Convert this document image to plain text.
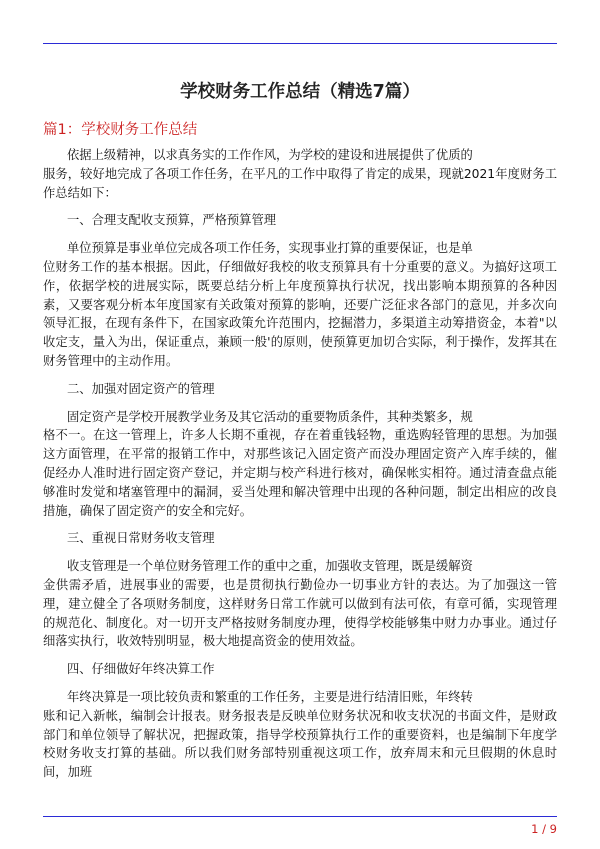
学校财务工作总结（精选7篇）
篇1：学校财务工作总结

依据上级精神，以求真务实的工作作风，为学校的建设和进展提供了优质的
服务，较好地完成了各项工作任务，在平凡的工作中取得了肯定的成果，现就2021年度财务工作总结如下：

一、合理支配收支预算，严格预算管理

单位预算是事业单位完成各项工作任务，实现事业打算的重要保证，也是单
位财务工作的基本根据。因此，仔细做好我校的收支预算具有十分重要的意义。为搞好这项工作，依据学校的进展实际，既要总结分析上年度预算执行状况，找出影响本期预算的各种因素，又要客观分析本年度国家有关政策对预算的影响，还要广泛征求各部门的意见，并多次向领导汇报，在现有条件下，在国家政策允许范围内，挖掘潜力，多渠道主动筹措资金，本着"以收定支，量入为出，保证重点，兼顾一般'的原则，使预算更加切合实际，利于操作，发挥其在财务管理中的主动作用。

二、加强对固定资产的管理

固定资产是学校开展教学业务及其它活动的重要物质条件，其种类繁多，规
格不一。在这一管理上，许多人长期不重视，存在着重钱轻物，重选购轻管理的思想。为加强这方面管理，在平常的报销工作中，对那些该记入固定资产而没办理固定资产入库手续的，催促经办人准时进行固定资产登记，并定期与校产科进行核对，确保帐实相符。通过清查盘点能够准时发觉和堵塞管理中的漏洞，妥当处理和解决管理中出现的各种问题，制定出相应的改良措施，确保了固定资产的安全和完好。

三、重视日常财务收支管理

收支管理是一个单位财务管理工作的重中之重，加强收支管理，既是缓解资
金供需矛盾，进展事业的需要，也是贯彻执行勤俭办一切事业方针的表达。为了加强这一管理，建立健全了各项财务制度，这样财务日常工作就可以做到有法可依，有章可循，实现管理的规范化、制度化。对一切开支严格按财务制度办理，使得学校能够集中财力办事业。通过仔细落实执行，收效特别明显，极大地提高资金的使用效益。

四、仔细做好年终决算工作

年终决算是一项比较负责和繁重的工作任务，主要是进行结清旧账，年终转
账和记入新帐，编制会计报表。财务报表是反映单位财务状况和收支状况的书面文件，是财政部门和单位领导了解状况，把握政策，指导学校预算执行工作的重要资料，也是编制下年度学校财务收支打算的基础。所以我们财务部特别重视这项工作，放弃周末和元旦假期的休息时间，加班

1 / 9
